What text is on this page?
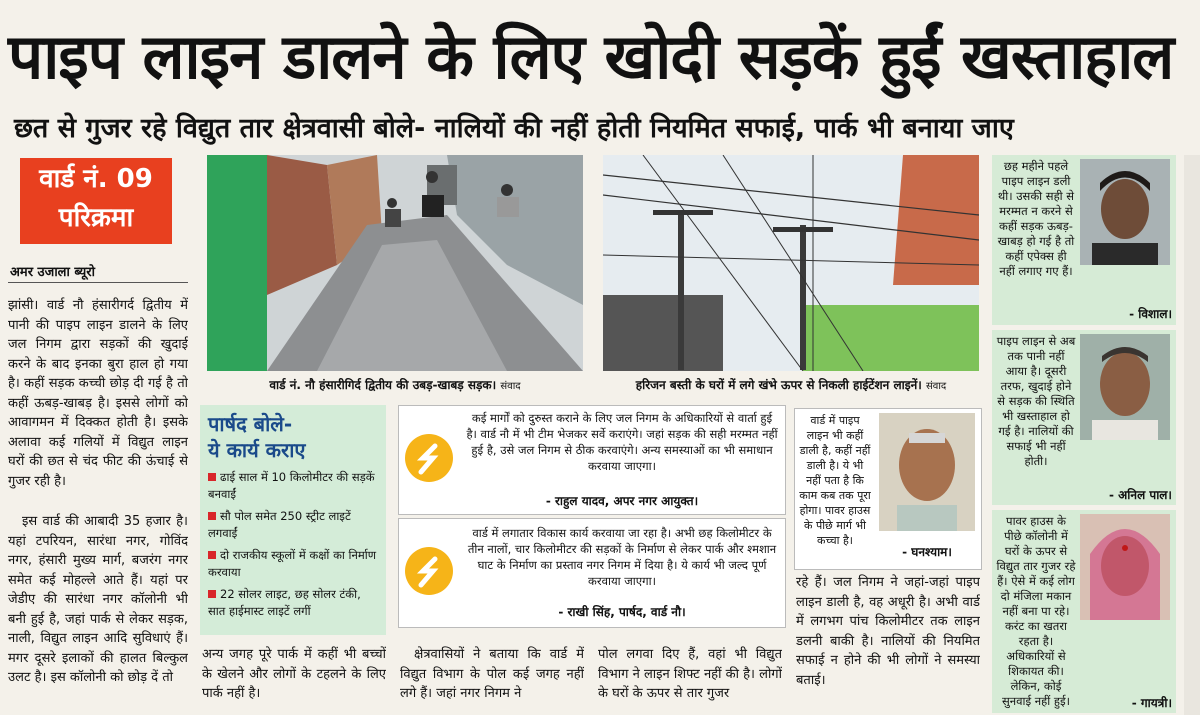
पाइप लाइन डालने के लिए खोदी सड़कें हुईं खस्ताहाल
छत से गुजर रहे विद्युत तार क्षेत्रवासी बोले- नालियों की नहीं होती नियमित सफाई, पार्क भी बनाया जाए
वार्ड नं. 09
परिक्रमा
अमर उजाला ब्यूरो
झांसी। वार्ड नौ हंसारीगर्द द्वितीय में पानी की पाइप लाइन डालने के लिए जल निगम द्वारा सड़कों की खुदाई करने के बाद इनका बुरा हाल हो गया है। कहीं सड़क कच्ची छोड़ दी गई है तो कहीं ऊबड़-खाबड़ है। इससे लोगों को आवागमन में दिक्कत होती है। इसके अलावा कई गलियों में विद्युत लाइन घरों की छत से चंद फीट की ऊंचाई से गुजर रही है।
इस वार्ड की आबादी 35 हजार है। यहां टपरियन, सारंधा नगर, गोविंद नगर, हंसारी मुख्य मार्ग, बजरंग नगर समेत कई मोहल्ले आते हैं। यहां पर जेडीए की सारंधा नगर कॉलोनी भी बनी हुई है, जहां पार्क से लेकर सड़क, नाली, विद्युत लाइन आदि सुविधाएं हैं। मगर दूसरे इलाकों की हालत बिल्कुल उलट है। इस कॉलोनी को छोड़ दें तो
वार्ड नं. नौ हंसारीगिर्द द्वितीय की उबड़-खाबड़ सड़क। संवाद	हरिजन बस्ती के घरों में लगे खंभे ऊपर से निकली हाईटेंशन लाइनें। संवाद
पार्षद बोले-
ये कार्य कराए
ढाई साल में 10 किलोमीटर की सड़कें बनवाईं
सौ पोल समेत 250 स्ट्रीट लाइटें लगवाईं
दो राजकीय स्कूलों में कक्षों का निर्माण करवाया
22 सोलर लाइट, छह सोलर टंकी, सात हाईमास्ट लाइटें लगीं
कई मार्गों को दुरुस्त कराने के लिए जल निगम के अधिकारियों से वार्ता हुई है। वार्ड नौ में भी टीम भेजकर सर्वे कराएंगे। जहां सड़क की सही मरम्मत नहीं हुई है, उसे जल निगम से ठीक करवाएंगे। अन्य समस्याओं का भी समाधान करवाया जाएगा।
- राहुल यादव, अपर नगर आयुक्त।
वार्ड में लगातार विकास कार्य करवाया जा रहा है। अभी छह किलोमीटर के तीन नालों, चार किलोमीटर की सड़कों के निर्माण से लेकर पार्क और श्मशान घाट के निर्माण का प्रस्ताव नगर निगम में दिया है। ये कार्य भी जल्द पूर्ण करवाया जाएगा।
- राखी सिंह, पार्षद, वार्ड नौ।
वार्ड में पाइप लाइन भी कहीं डाली है, कहीं नहीं डाली है। ये भी नहीं पता है कि काम कब तक पूरा होगा। पावर हाउस के पीछे मार्ग भी कच्चा है।
- घनश्याम।
अन्य जगह पूरे पार्क में कहीं भी बच्चों के खेलने और लोगों के टहलने के लिए पार्क नहीं है।
क्षेत्रवासियों ने बताया कि वार्ड में विद्युत विभाग के पोल कई जगह नहीं लगे हैं। जहां नगर निगम ने
पोल लगवा दिए हैं, वहां भी विद्युत विभाग ने लाइन शिफ्ट नहीं की है। लोगों के घरों के ऊपर से तार गुजर
रहे हैं। जल निगम ने जहां-जहां पाइप लाइन डाली है, वह अधूरी है। अभी वार्ड में लगभग पांच किलोमीटर तक लाइन डलनी बाकी है। नालियों की नियमित सफाई न होने की भी लोगों ने समस्या बताई।
छह महीने पहले पाइप लाइन डली थी। उसकी सही से मरम्मत न करने से कहीं सड़क ऊबड़-खाबड़ हो गई है तो कहीं एपेक्स ही नहीं लगाए गए हैं।
- विशाल।
पाइप लाइन से अब तक पानी नहीं आया है। दूसरी तरफ, खुदाई होने से सड़क की स्थिति भी खस्ताहाल हो गई है। नालियों की सफाई भी नहीं होती।
- अनिल पाल।
पावर हाउस के पीछे कॉलोनी में घरों के ऊपर से विद्युत तार गुजर रहे हैं। ऐसे में कई लोग दो मंजिला मकान नहीं बना पा रहे। करंट का खतरा रहता है। अधिकारियों से शिकायत की। लेकिन, कोई सुनवाई नहीं हुई।	- गायत्री।
